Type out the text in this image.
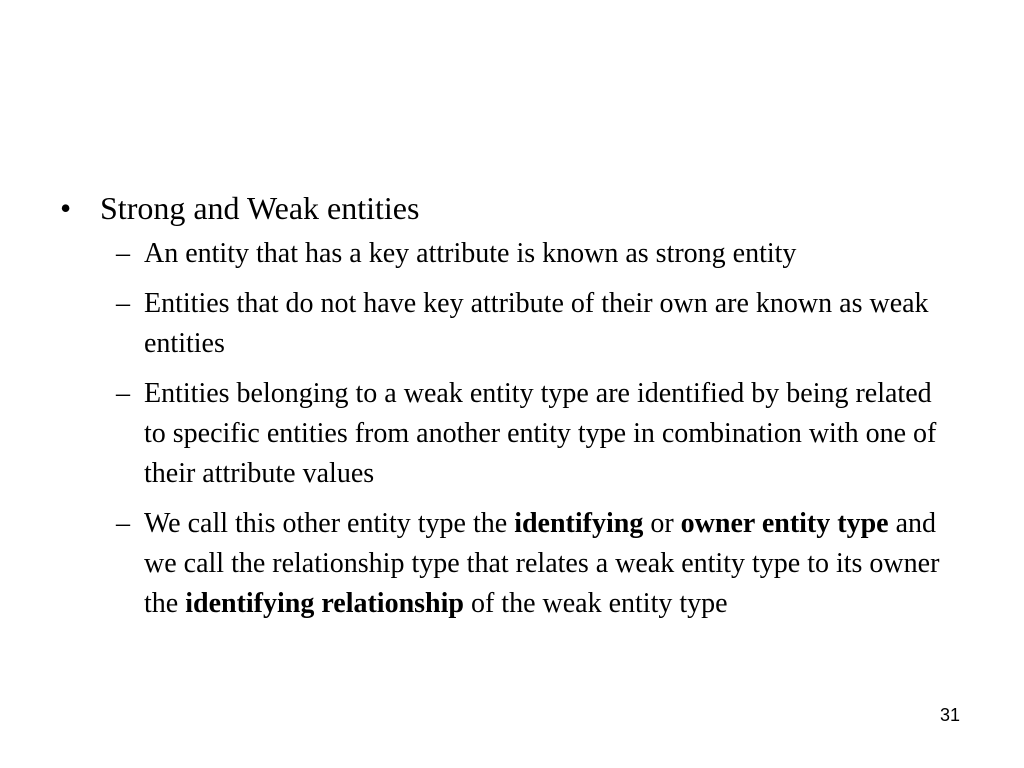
• Strong and Weak entities
– An entity that has a key attribute is known as strong entity
– Entities that do not have key attribute of their own are known as weak entities
– Entities belonging to a weak entity type are identified by being related to specific entities from another entity type in combination with one of their attribute values
– We call this other entity type the identifying or owner entity type and we call the relationship type that relates a weak entity type to its owner the identifying relationship of the weak entity type
31
